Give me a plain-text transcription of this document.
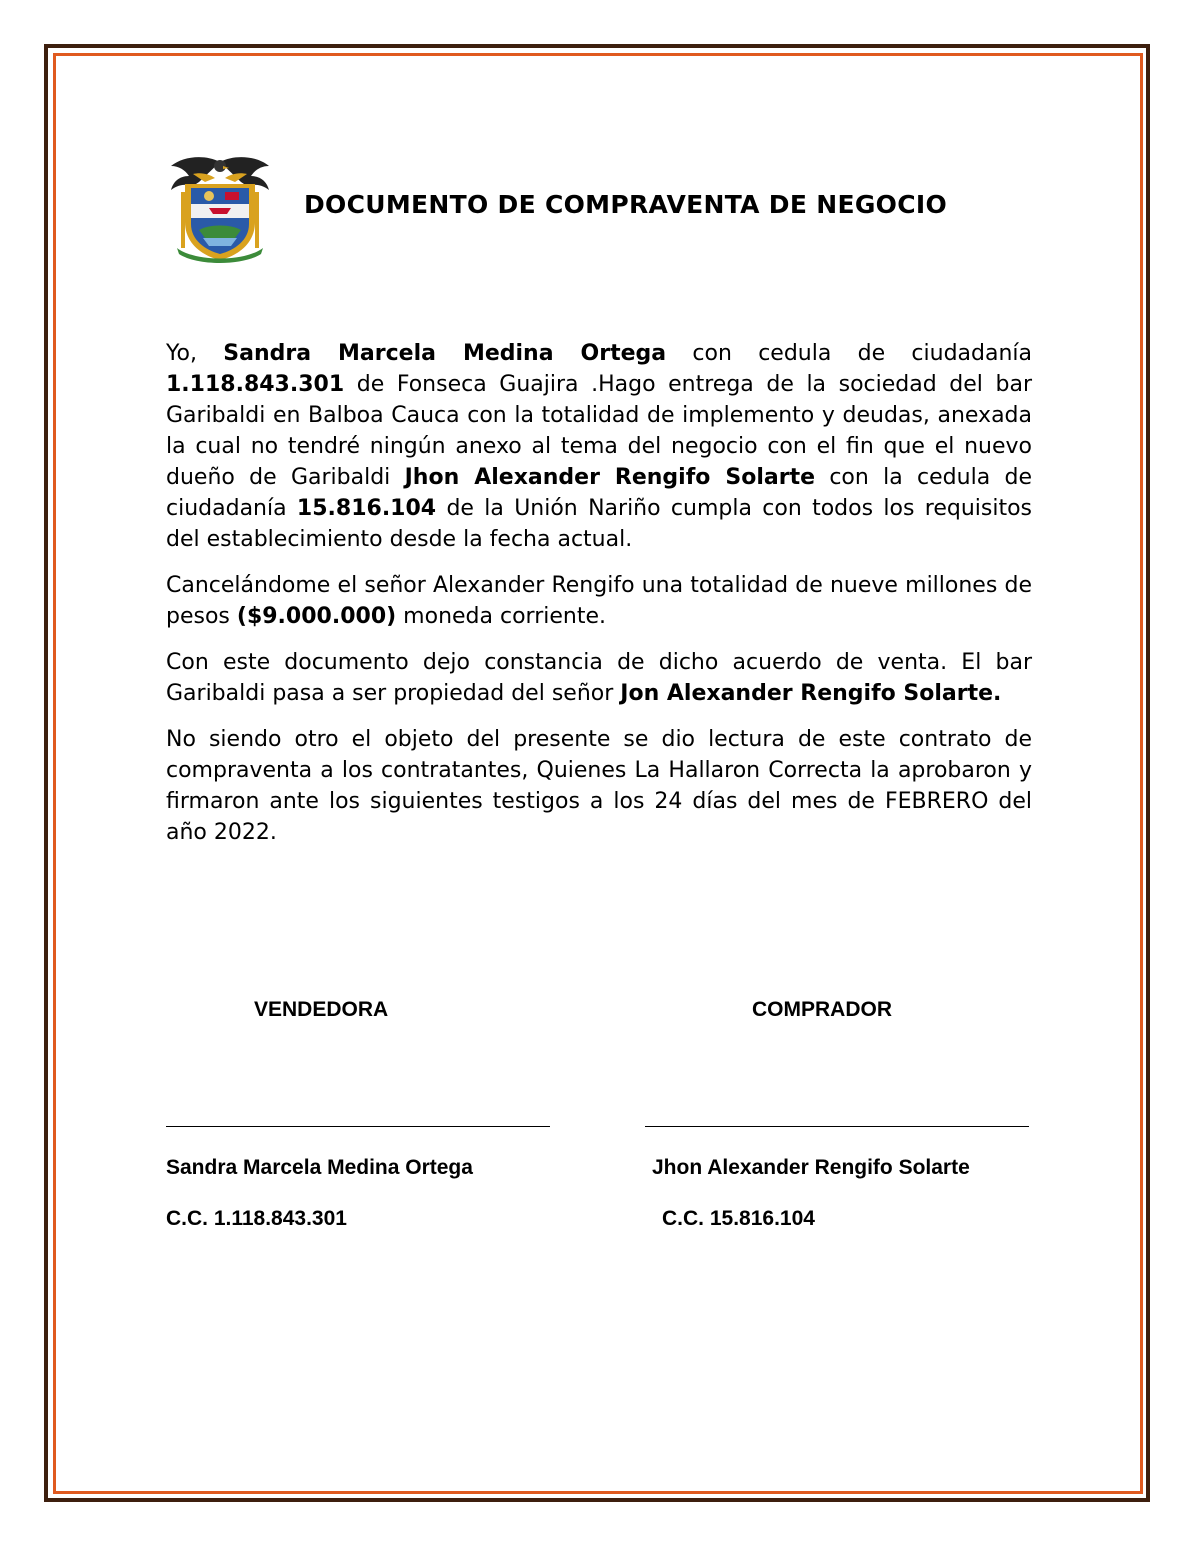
DOCUMENTO DE COMPRAVENTA DE NEGOCIO

Yo, Sandra Marcela Medina Ortega con cedula de ciudadanía 1.118.843.301 de Fonseca Guajira .Hago entrega de la sociedad del bar Garibaldi en Balboa Cauca con la totalidad de implemento y deudas, anexada la cual no tendré ningún anexo al tema del negocio con el fin que el nuevo dueño de Garibaldi Jhon Alexander Rengifo Solarte con la cedula de ciudadanía 15.816.104 de la Unión Nariño cumpla con todos los requisitos del establecimiento desde la fecha actual.

Cancelándome el señor Alexander Rengifo una totalidad de nueve millones de pesos ($9.000.000) moneda corriente.

Con este documento dejo constancia de dicho acuerdo de venta. El bar Garibaldi pasa a ser propiedad del señor Jon Alexander Rengifo Solarte.

No siendo otro el objeto del presente se dio lectura de este contrato de compraventa a los contratantes, Quienes La Hallaron Correcta la aprobaron y firmaron ante los siguientes testigos a los 24 días del mes de FEBRERO del año 2022.

VENDEDORA	COMPRADOR
Sandra Marcela Medina Ortega	Jhon Alexander Rengifo Solarte
C.C. 1.118.843.301	C.C. 15.816.104
